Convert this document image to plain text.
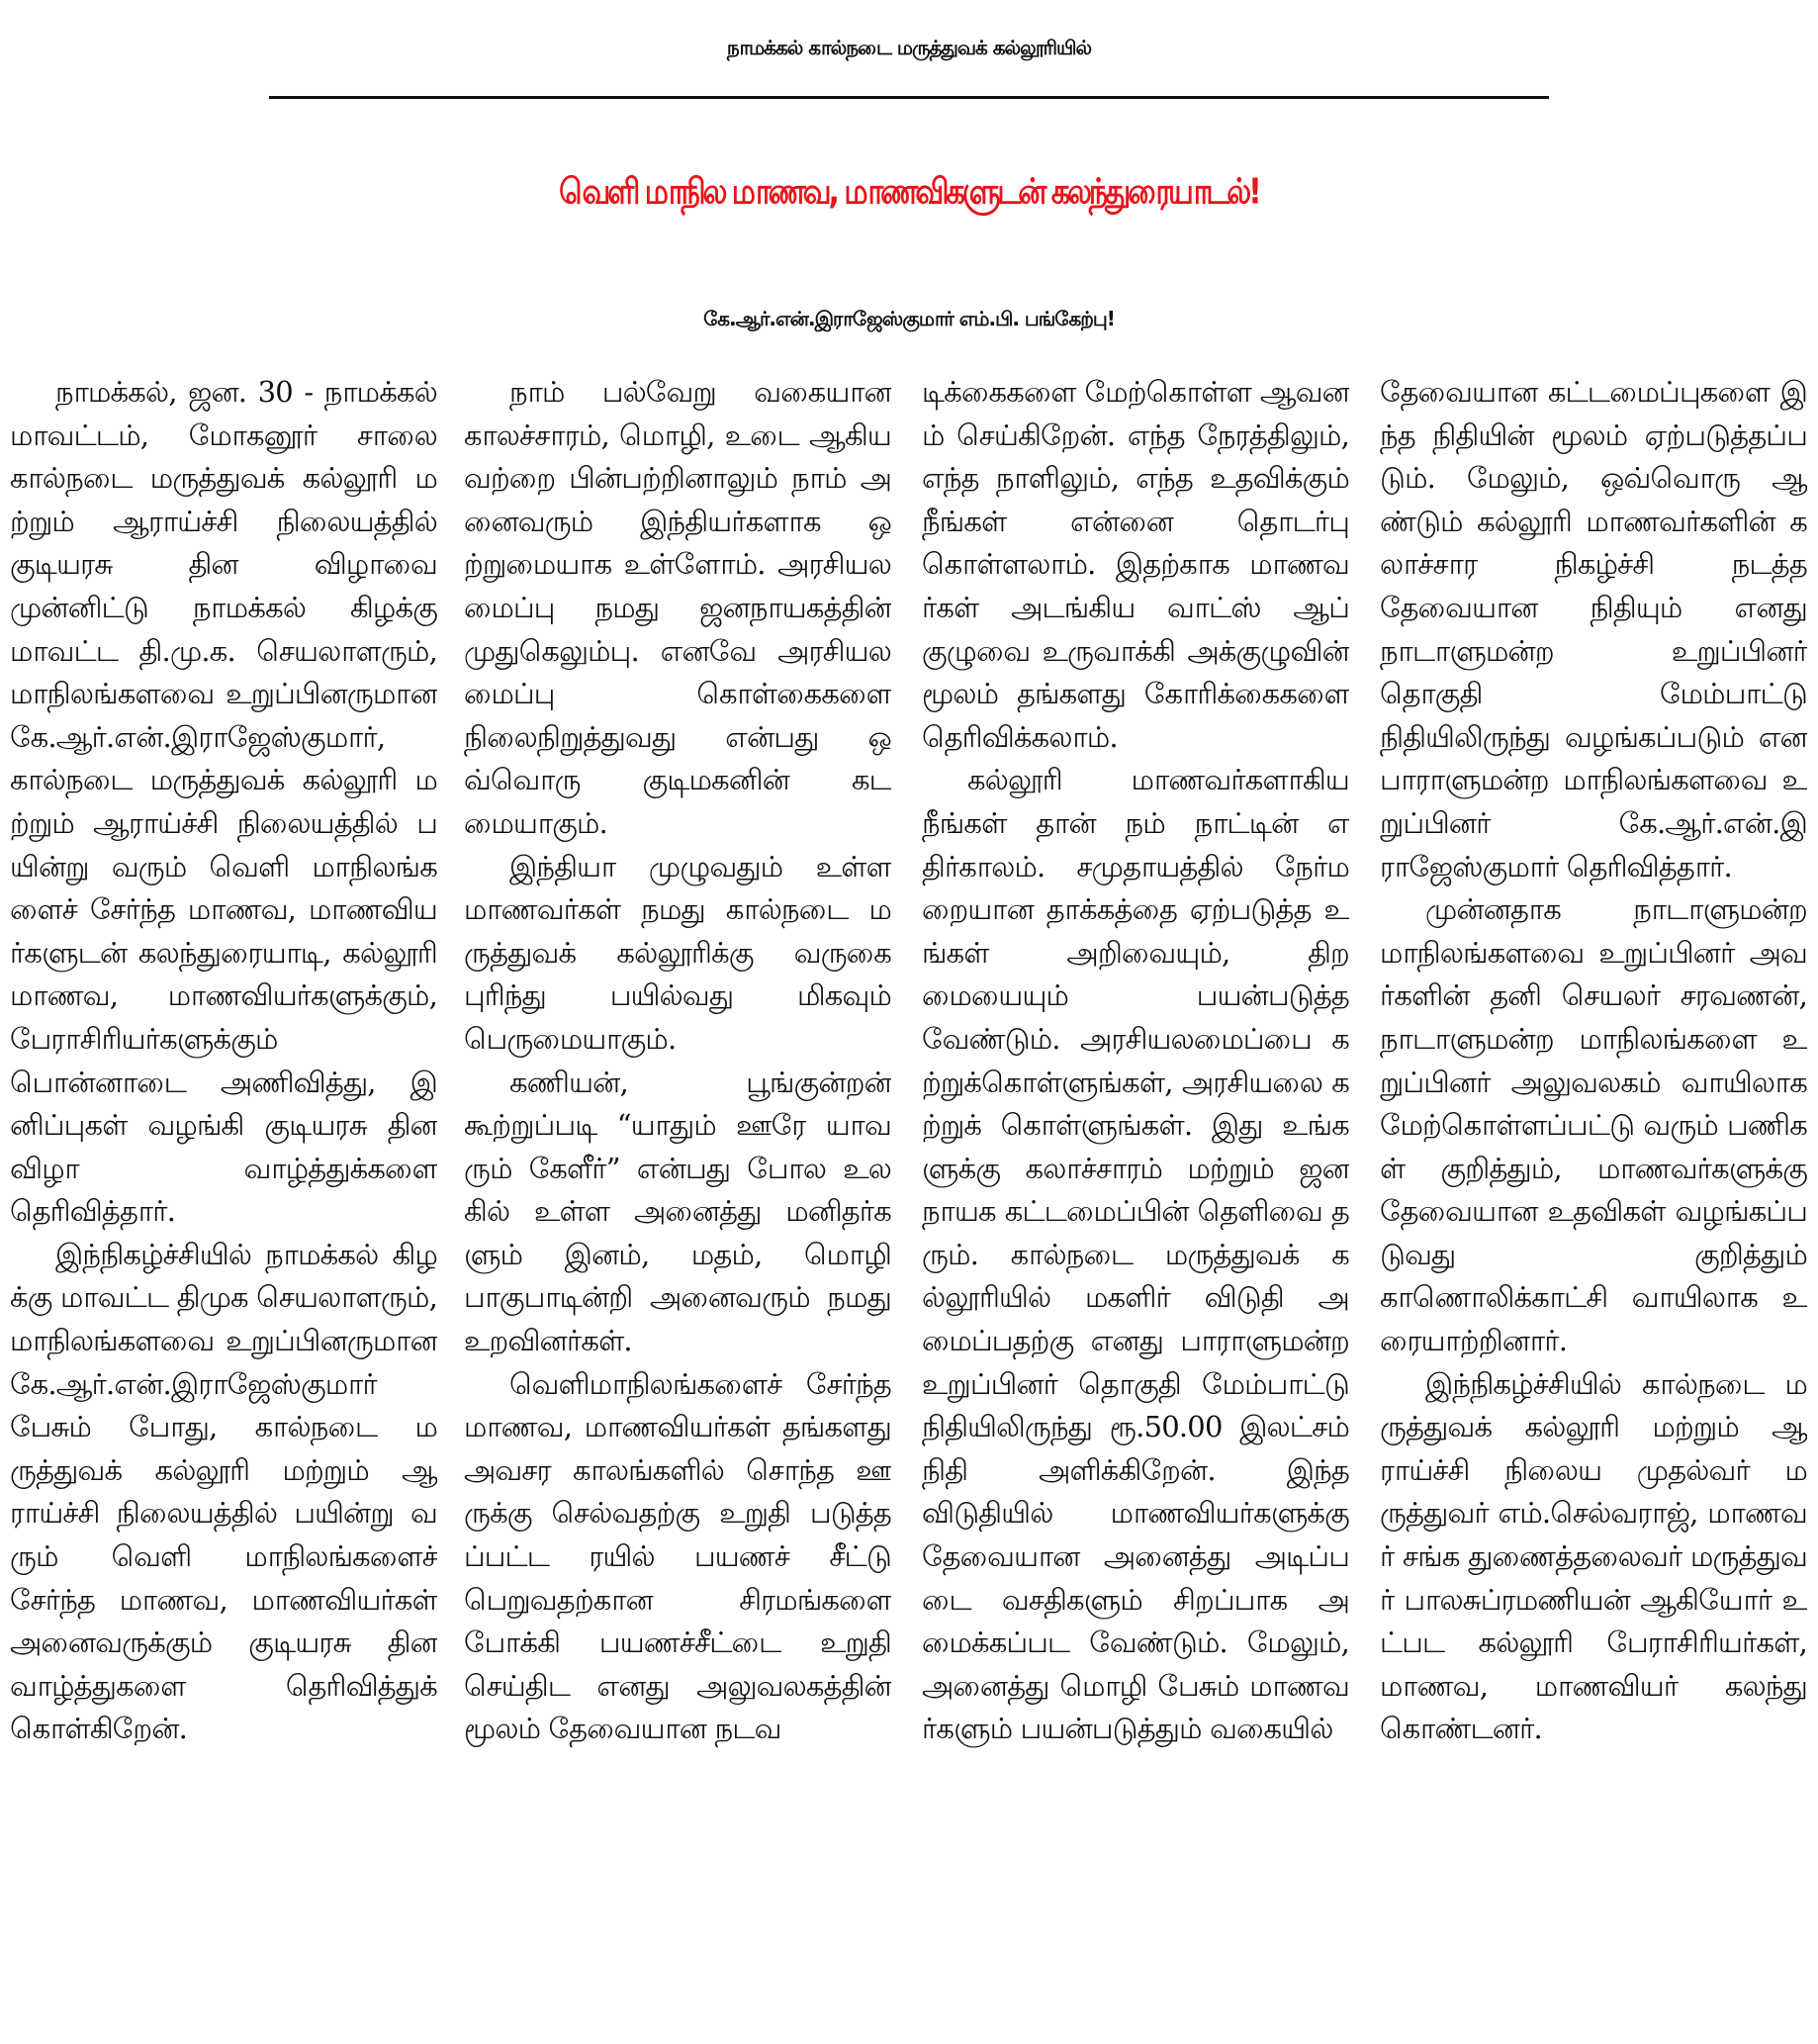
நாமக்கல் கால்நடை மருத்துவக் கல்லூரியில்
வெளி மாநில மாணவ, மாணவிகளுடன் கலந்துரையாடல்!
கே.ஆர்.என்.இராஜேஸ்குமார் எம்.பி. பங்கேற்பு!

நாமக்கல், ஜன. 30 - நாமக்கல் மாவட்டம், மோகனூர் சாலை கால்நடை மருத்துவக் கல்லூரி மற்றும் ஆராய்ச்சி நிலையத்தில் குடியரசு தின விழாவை முன்னிட்டு நாமக்கல் கிழக்கு மாவட்ட தி.மு.க. செயலாளரும், மாநிலங்களவை உறுப்பினருமான கே.ஆர்.என்.இராஜேஸ்குமார், கால்நடை மருத்துவக் கல்லூரி மற்றும் ஆராய்ச்சி நிலையத்தில் பயின்று வரும் வெளி மாநிலங்களைச் சேர்ந்த மாணவ, மாணவியர்களுடன் கலந்துரையாடி, கல்லூரி மாணவ, மாணவியர்களுக்கும், பேராசிரியர்களுக்கும் பொன்னாடை அணிவித்து, இனிப்புகள் வழங்கி குடியரசு தின விழா வாழ்த்துக்களை தெரிவித்தார்.

இந்நிகழ்ச்சியில் நாமக்கல் கிழக்கு மாவட்ட திமுக செயலாளரும், மாநிலங்களவை உறுப்பினருமான கே.ஆர்.என்.இராஜேஸ்குமார் பேசும் போது, கால்நடை மருத்துவக் கல்லூரி மற்றும் ஆராய்ச்சி நிலையத்தில் பயின்று வரும் வெளி மாநிலங்களைச் சேர்ந்த மாணவ, மாணவியர்கள் அனைவருக்கும் குடியரசு தின வாழ்த்துகளை தெரிவித்துக் கொள்கிறேன்.

நாம் பல்வேறு வகையான காலச்சாரம், மொழி, உடை ஆகியவற்றை பின்பற்றினாலும் நாம் அனைவரும் இந்தியர்களாக ஒற்றுமையாக உள்ளோம். அரசியலமைப்பு நமது ஜனநாயகத்தின் முதுகெலும்பு. எனவே அரசியலமைப்பு கொள்கைகளை நிலைநிறுத்துவது என்பது ஒவ்வொரு குடிமகனின் கடமையாகும்.

இந்தியா முழுவதும் உள்ள மாணவர்கள் நமது கால்நடை மருத்துவக் கல்லூரிக்கு வருகை புரிந்து பயில்வது மிகவும் பெருமையாகும்.

கணியன், பூங்குன்றன் கூற்றுப்படி “யாதும் ஊரே யாவரும் கேளீர்” என்பது போல உலகில் உள்ள அனைத்து மனிதர்களும் இனம், மதம், மொழி பாகுபாடின்றி அனைவரும் நமது உறவினர்கள்.

வெளிமாநிலங்களைச் சேர்ந்த மாணவ, மாணவியர்கள் தங்களது அவசர காலங்களில் சொந்த ஊருக்கு செல்வதற்கு உறுதி படுத்தப்பட்ட ரயில் பயணச் சீட்டு பெறுவதற்கான சிரமங்களை போக்கி பயணச்சீட்டை உறுதி செய்திட எனது அலுவலகத்தின் மூலம் தேவையான நடவ

டிக்கைகளை மேற்கொள்ள ஆவனம் செய்கிறேன். எந்த நேரத்திலும், எந்த நாளிலும், எந்த உதவிக்கும் நீங்கள் என்னை தொடர்பு கொள்ளலாம். இதற்காக மாணவர்கள் அடங்கிய வாட்ஸ் ஆப் குழுவை உருவாக்கி அக்குழுவின் மூலம் தங்களது கோரிக்கைகளை தெரிவிக்கலாம்.

கல்லூரி மாணவர்களாகிய நீங்கள் தான் நம் நாட்டின் எதிர்காலம். சமுதாயத்தில் நேர்மறையான தாக்கத்தை ஏற்படுத்த உங்கள் அறிவையும், திறமையையும் பயன்படுத்த வேண்டும். அரசியலமைப்பை கற்றுக்கொள்ளுங்கள், அரசியலை கற்றுக் கொள்ளுங்கள். இது உங்களுக்கு கலாச்சாரம் மற்றும் ஜனநாயக கட்டமைப்பின் தெளிவை தரும். கால்நடை மருத்துவக் கல்லூரியில் மகளிர் விடுதி அமைப்பதற்கு எனது பாராளுமன்ற உறுப்பினர் தொகுதி மேம்பாட்டு நிதியிலிருந்து ரூ.50.00 இலட்சம் நிதி அளிக்கிறேன். இந்த விடுதியில் மாணவியர்களுக்கு தேவையான அனைத்து அடிப்படை வசதிகளும் சிறப்பாக அமைக்கப்பட வேண்டும். மேலும், அனைத்து மொழி பேசும் மாணவர்களும் பயன்படுத்தும் வகையில்

தேவையான கட்டமைப்புகளை இந்த நிதியின் மூலம் ஏற்படுத்தப்படும். மேலும், ஒவ்வொரு ஆண்டும் கல்லூரி மாணவர்களின் கலாச்சார நிகழ்ச்சி நடத்த தேவையான நிதியும் எனது நாடாளுமன்ற உறுப்பினர் தொகுதி மேம்பாட்டு நிதியிலிருந்து வழங்கப்படும் என பாராளுமன்ற மாநிலங்களவை உறுப்பினர் கே.ஆர்.என்.இராஜேஸ்குமார் தெரிவித்தார்.

முன்னதாக நாடாளுமன்ற மாநிலங்களவை உறுப்பினர் அவர்களின் தனி செயலர் சரவணன், நாடாளுமன்ற மாநிலங்களை உறுப்பினர் அலுவலகம் வாயிலாக மேற்கொள்ளப்பட்டு வரும் பணிகள் குறித்தும், மாணவர்களுக்கு தேவையான உதவிகள் வழங்கப்படுவது குறித்தும் காணொலிக்காட்சி வாயிலாக உரையாற்றினார்.

இந்நிகழ்ச்சியில் கால்நடை மருத்துவக் கல்லூரி மற்றும் ஆராய்ச்சி நிலைய முதல்வர் மருத்துவர் எம்.செல்வராஜ், மாணவர் சங்க துணைத்தலைவர் மருத்துவர் பாலசுப்ரமணியன் ஆகியோர் உட்பட கல்லூரி பேராசிரியர்கள், மாணவ, மாணவியர் கலந்து கொண்டனர்.
